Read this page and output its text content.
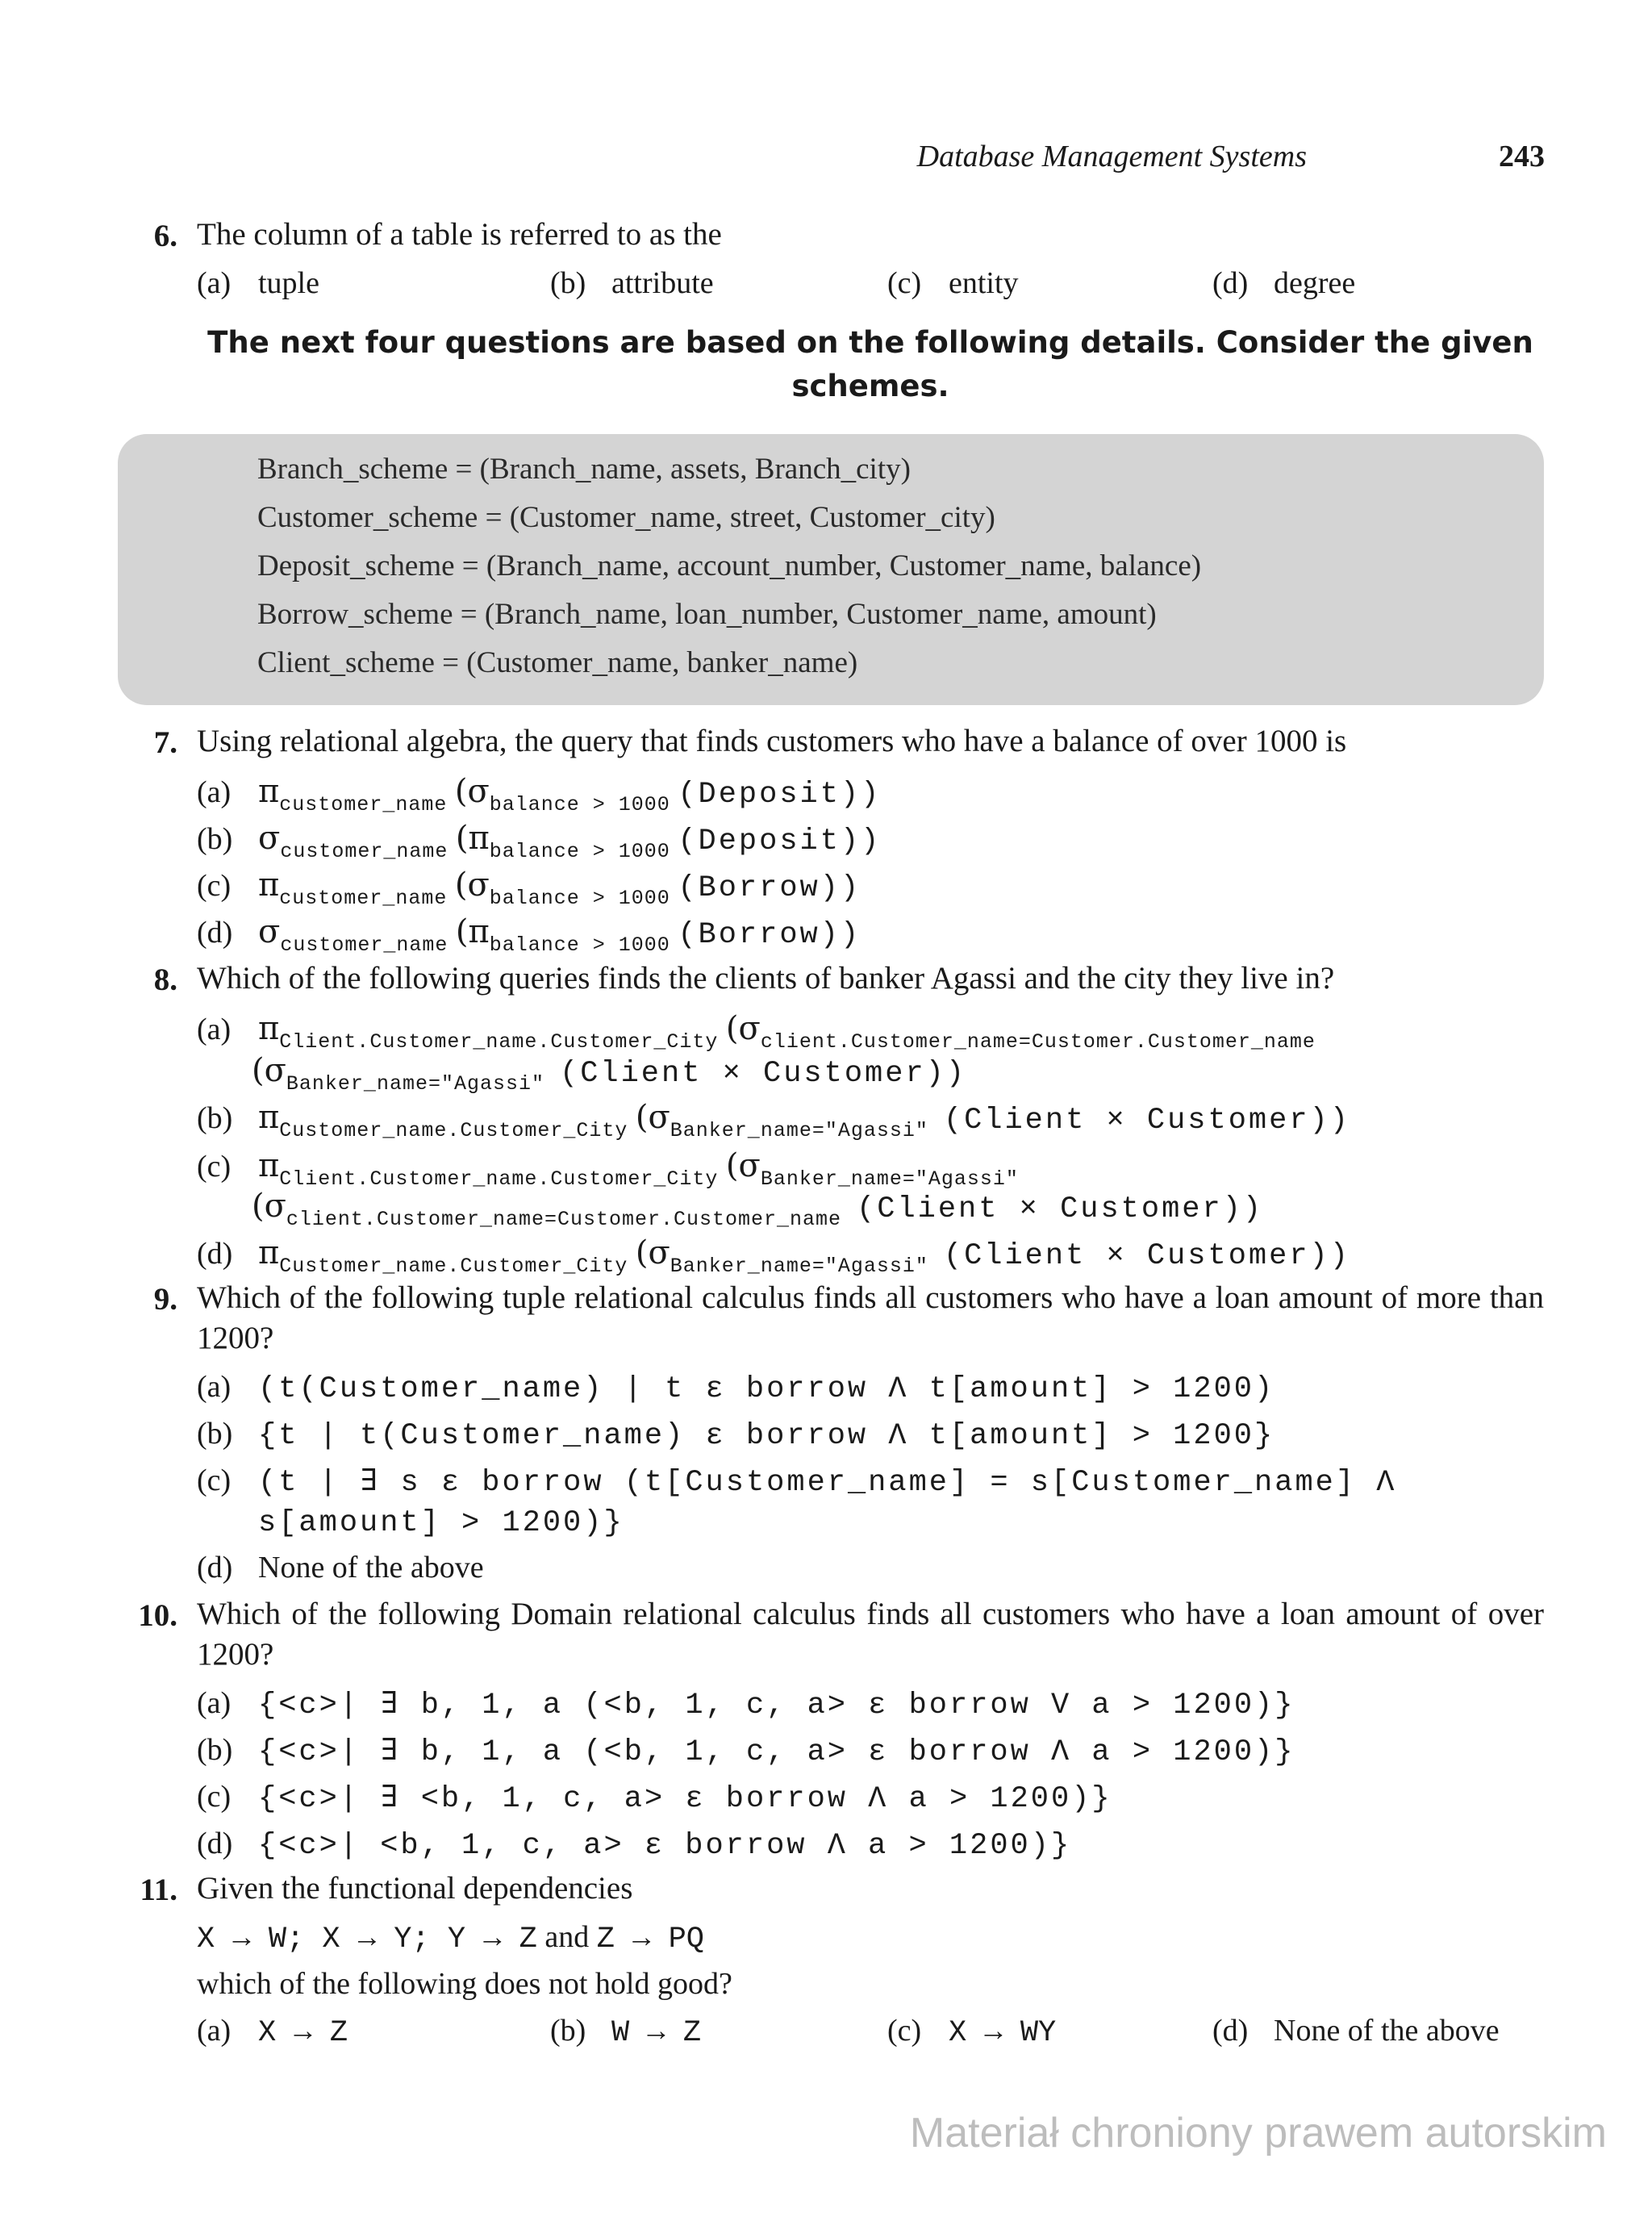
Database Management Systems	243
6. The column of a table is referred to as the
(a) tuple	(b) attribute	(c) entity	(d) degree
The next four questions are based on the following details. Consider the given schemes.
Branch_scheme = (Branch_name, assets, Branch_city)
Customer_scheme = (Customer_name, street, Customer_city)
Deposit_scheme = (Branch_name, account_number, Customer_name, balance)
Borrow_scheme = (Branch_name, loan_number, Customer_name, amount)
Client_scheme = (Customer_name, banker_name)
7. Using relational algebra, the query that finds customers who have a balance of over 1000 is
(a) $\pi_{customer\_name}$ ($\sigma_{balance > 1000}$ (Deposit))
(b) $\sigma_{customer\_name}$ ($\pi_{balance > 1000}$ (Deposit))
(c) $\pi_{customer\_name}$ ($\sigma_{balance > 1000}$ (Borrow))
(d) $\sigma_{customer\_name}$ ($\pi_{balance > 1000}$ (Borrow))
8. Which of the following queries finds the clients of banker Agassi and the city they live in?
(a) $\pi_{Client.Customer\_name.Customer\_City}$ ($\sigma_{client.Customer\_name=Customer.Customer\_name}$
($\sigma_{Banker\_name="Agassi"}$ (Client × Customer))
(b) $\pi_{Customer\_name.Customer\_City}$ ($\sigma_{Banker\_name="Agassi"}$ (Client × Customer))
(c) $\pi_{Client.Customer\_name.Customer\_City}$ ($\sigma_{Banker\_name="Agassi"}$
($\sigma_{client.Customer\_name=Customer.Customer\_name}$ (Client × Customer))
(d) $\pi_{Customer\_name.Customer\_City}$ ($\sigma_{Banker\_name="Agassi"}$ (Client × Customer))
9. Which of the following tuple relational calculus finds all customers who have a loan amount of more than 1200?
(a) (t(Customer_name) | t ε borrow Λ t[amount] > 1200)
(b) {t | t(Customer_name) ε borrow Λ t[amount] > 1200}
(c) (t | ∃ s ε borrow (t[Customer_name] = s[Customer_name] Λ
s[amount] > 1200)}
(d) None of the above
10. Which of the following Domain relational calculus finds all customers who have a loan amount of over 1200?
(a) {<c>| ∃ b, 1, a (<b, 1, c, a> ε borrow V a > 1200)}
(b) {<c>| ∃ b, 1, a (<b, 1, c, a> ε borrow Λ a > 1200)}
(c) {<c>| ∃ <b, 1, c, a> ε borrow Λ a > 1200)}
(d) {<c>| <b, 1, c, a> ε borrow Λ a > 1200)}
11. Given the functional dependencies
X → W; X → Y; Y → Z and Z → PQ
which of the following does not hold good?
(a) X → Z	(b) W → Z	(c) X → WY	(d) None of the above
Materiał chroniony prawem autorskim
